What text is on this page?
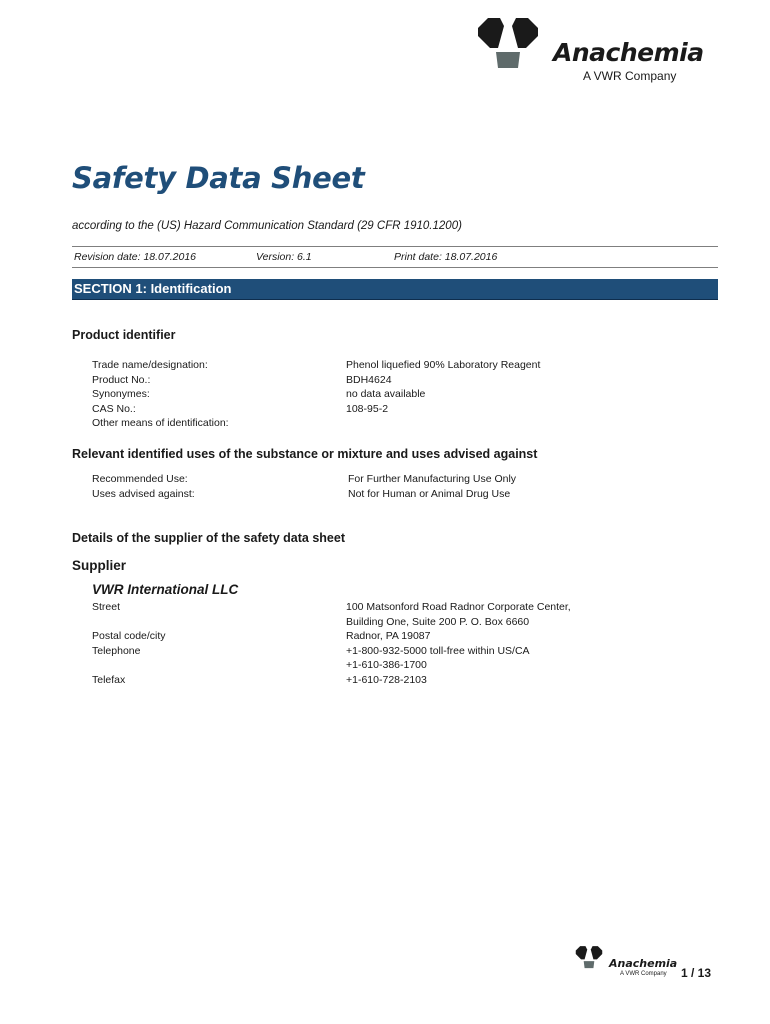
Anachemia
A VWR Company
Safety Data Sheet
according to the (US) Hazard Communication Standard (29 CFR 1910.1200)
Revision date: 18.07.2016	Version: 6.1	Print date: 18.07.2016
SECTION 1: Identification
Product identifier
Trade name/designation:	Phenol liquefied 90% Laboratory Reagent
Product No.:	BDH4624
Synonymes:	no data available
CAS No.:	108-95-2
Other means of identification:
Relevant identified uses of the substance or mixture and uses advised against
Recommended Use:	For Further Manufacturing Use Only
Uses advised against:	Not for Human or Animal Drug Use
Details of the supplier of the safety data sheet
Supplier
VWR International LLC
Street	100 Matsonford Road Radnor Corporate Center,
Building One, Suite 200 P. O. Box 6660
Postal code/city	Radnor, PA 19087
Telephone	+1-800-932-5000 toll-free within US/CA
+1-610-386-1700
Telefax	+1-610-728-2103
Anachemia
A VWR Company 1 / 13
